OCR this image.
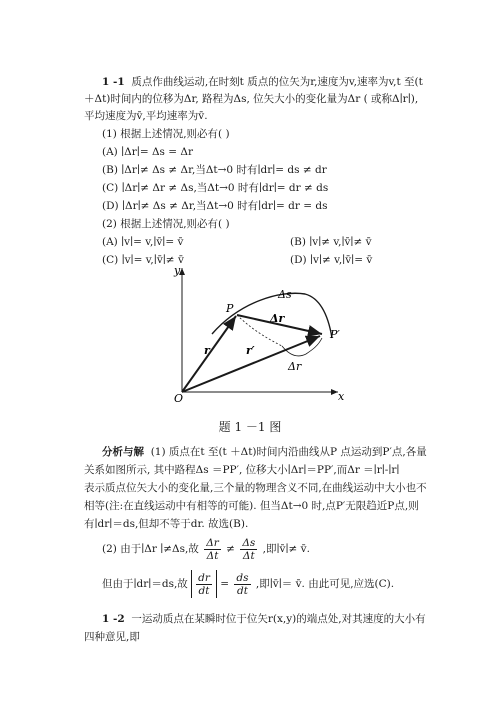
1 -1 质点作曲线运动,在时刻t 质点的位矢为r,速度为v,速率为v,t 至(t
＋Δt)时间内的位移为Δr, 路程为Δs, 位矢大小的变化量为Δr ( 或称Δ∣r∣),
平均速度为v̄,平均速率为v̄.
(1) 根据上述情况,则必有( )
(A) ∣Δr∣= Δs = Δr
(B) ∣Δr∣≠ Δs ≠ Δr,当Δt→0 时有∣dr∣= ds ≠ dr
(C) ∣Δr∣≠ Δr ≠ Δs,当Δt→0 时有∣dr∣= dr ≠ ds
(D) ∣Δr∣≠ Δs ≠ Δr,当Δt→0 时有∣dr∣= dr = ds
(2) 根据上述情况,则必有( )
(A) ∣v∣= v,∣v̄∣= v̄	(B) ∣v∣≠ v,∣v̄∣≠ v̄
(C) ∣v∣= v,∣v̄∣≠ v̄	(D) ∣v∣≠ v,∣v̄∣= v̄
y
x
O
P
P′
Δs
Δr
r	r′
Δr
题 1 －1 图
分析与解 (1) 质点在t 至(t ＋Δt)时间内沿曲线从P 点运动到P′点,各量
关系如图所示, 其中路程Δs ＝PP′, 位移大小∣Δr∣＝PP′,而Δr ＝∣r∣-∣r∣
表示质点位矢大小的变化量,三个量的物理含义不同,在曲线运动中大小也不
相等(注:在直线运动中有相等的可能). 但当Δt→0 时,点P′无限趋近P点,则
有∣dr∣＝ds,但却不等于dr. 故选(B).
(2) 由于∣Δr ∣≠Δs,故 $\frac{\Delta r}{\Delta t} \ne \frac{\Delta s}{\Delta t}$ ,即∣v̄∣≠ v̄.
但由于∣dr∣＝ds,故 $\frac{dr}{dt} = \frac{ds}{dt}$ ,即∣v̄∣＝ v̄. 由此可见,应选(C).
1 -2 一运动质点在某瞬时位于位矢r(x,y)的端点处,对其速度的大小有
四种意见,即
